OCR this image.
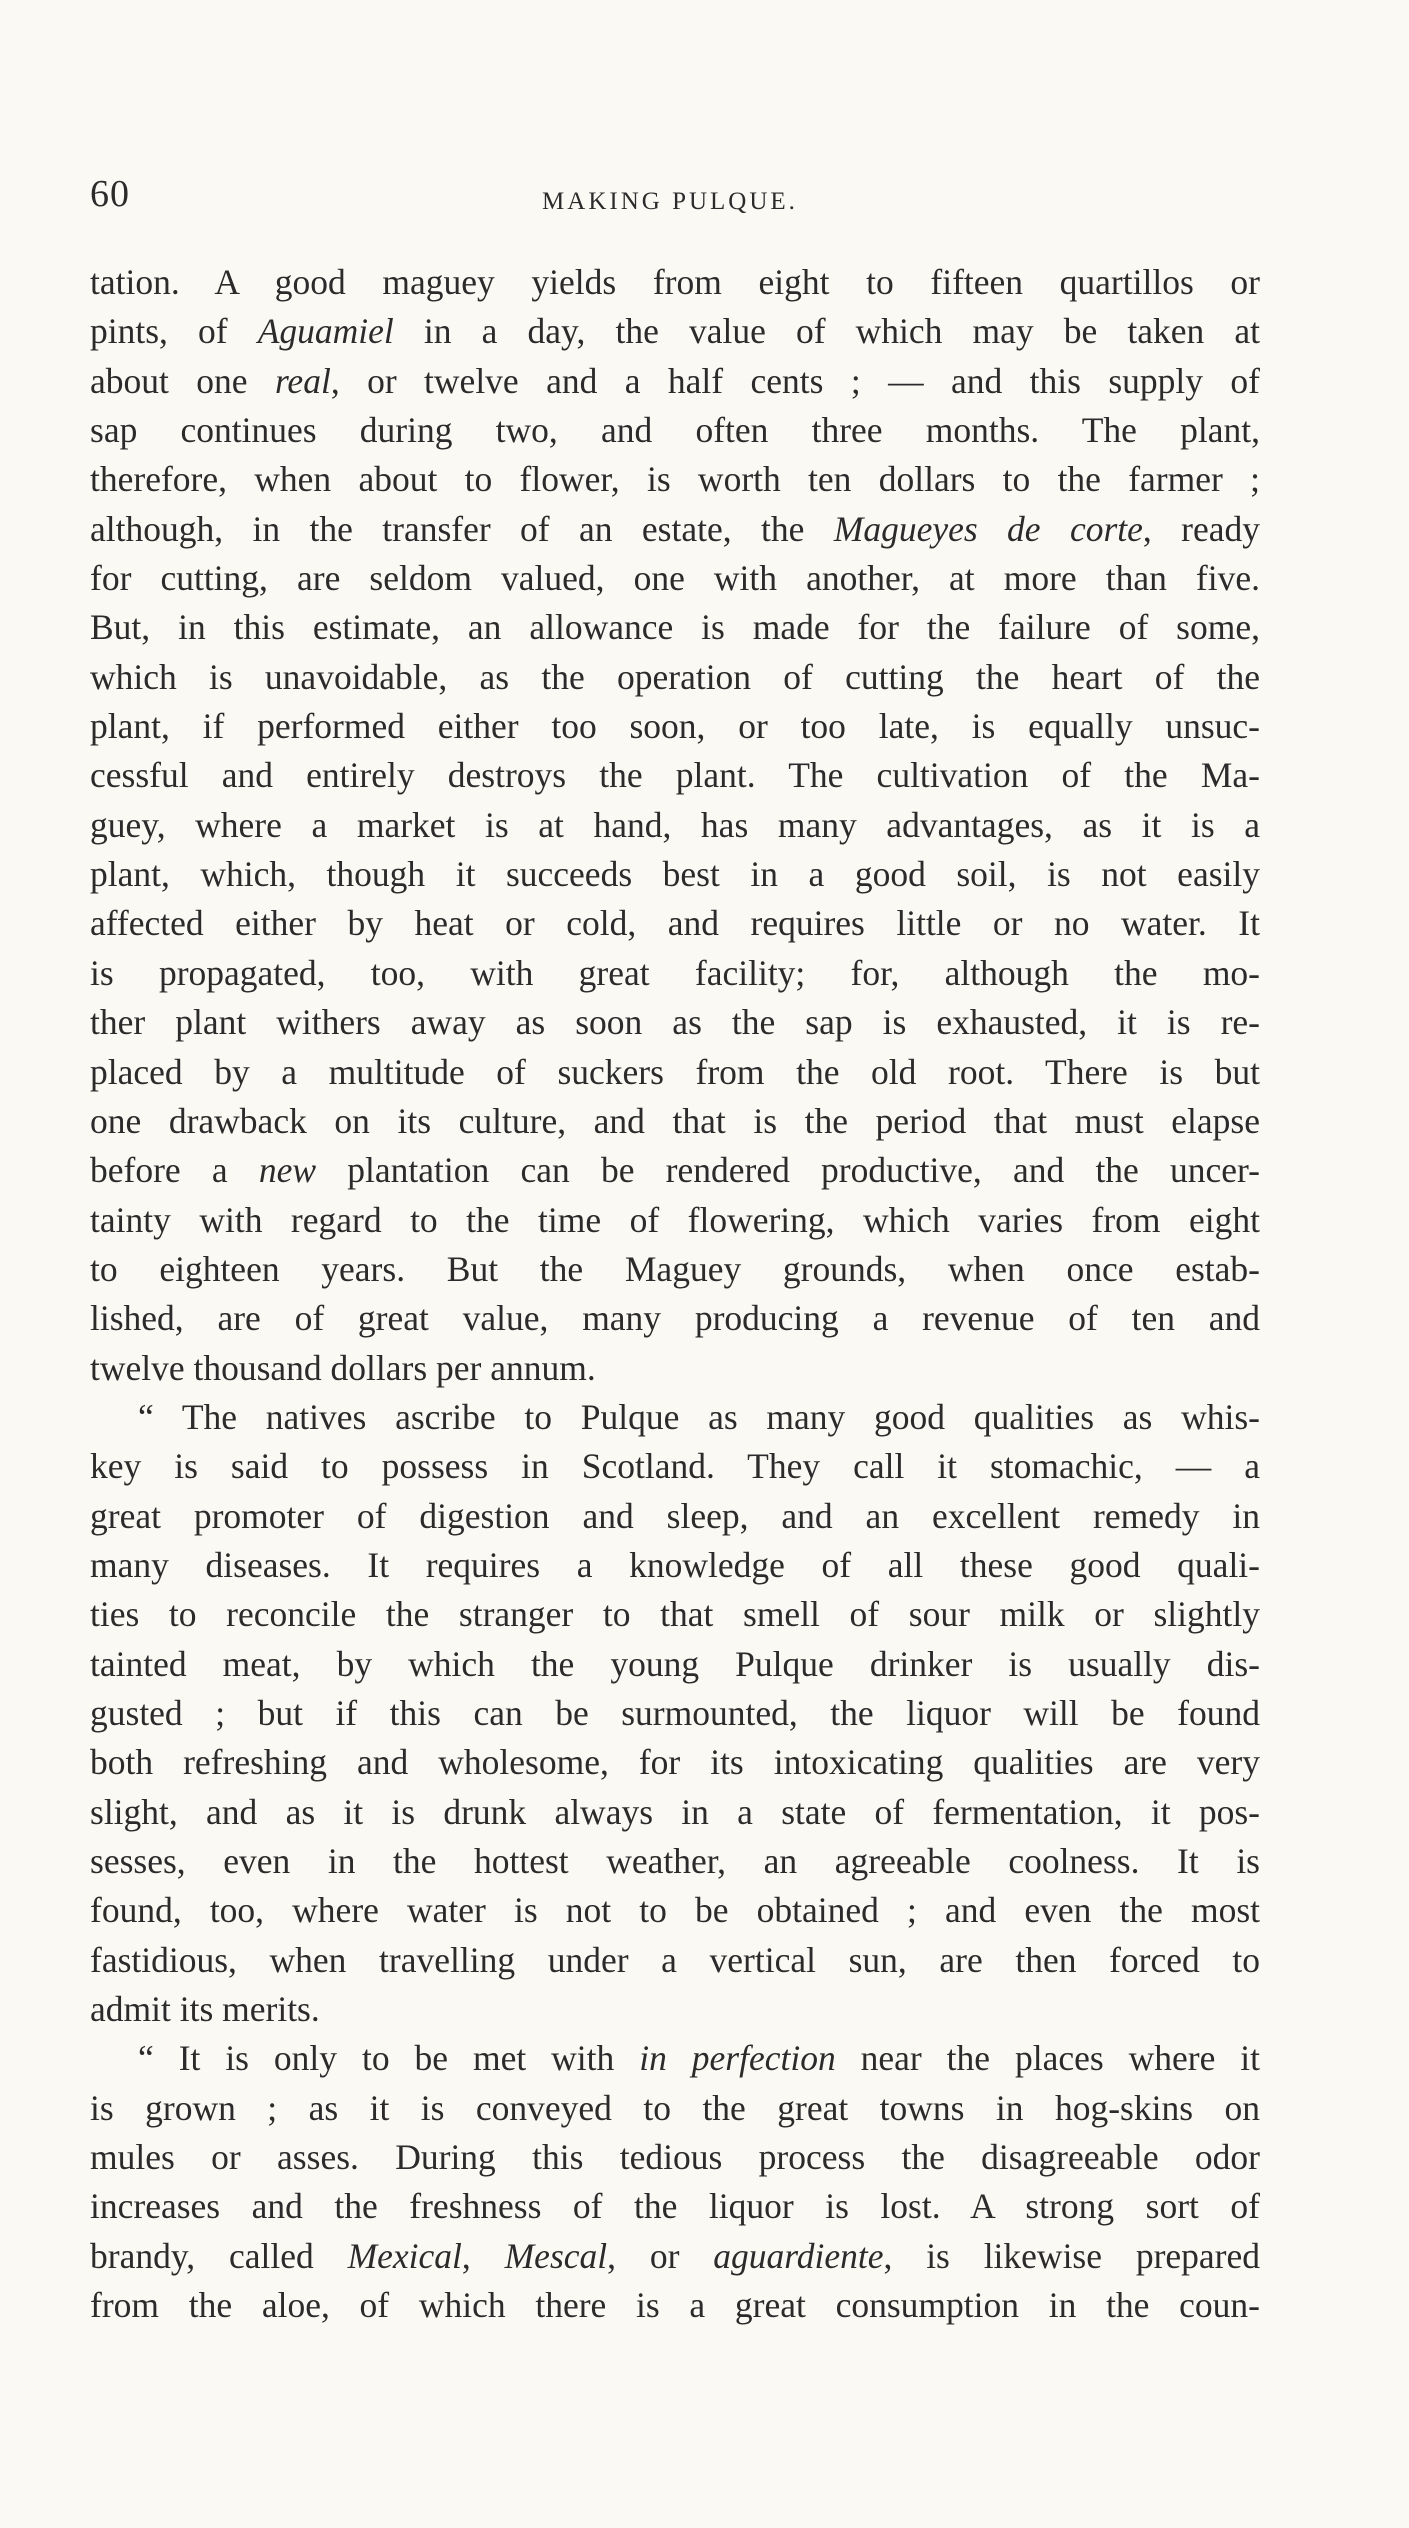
60	MAKING PULQUE.
tation. A good maguey yields from eight to fifteen quartillos or
pints, of Aguamiel in a day, the value of which may be taken at
about one real, or twelve and a half cents ; — and this supply of
sap continues during two, and often three months. The plant,
therefore, when about to flower, is worth ten dollars to the farmer ;
although, in the transfer of an estate, the Magueyes de corte, ready
for cutting, are seldom valued, one with another, at more than five.
But, in this estimate, an allowance is made for the failure of some,
which is unavoidable, as the operation of cutting the heart of the
plant, if performed either too soon, or too late, is equally unsuc-
cessful and entirely destroys the plant. The cultivation of the Ma-
guey, where a market is at hand, has many advantages, as it is a
plant, which, though it succeeds best in a good soil, is not easily
affected either by heat or cold, and requires little or no water. It
is propagated, too, with great facility; for, although the mo-
ther plant withers away as soon as the sap is exhausted, it is re-
placed by a multitude of suckers from the old root. There is but
one drawback on its culture, and that is the period that must elapse
before a new plantation can be rendered productive, and the uncer-
tainty with regard to the time of flowering, which varies from eight
to eighteen years. But the Maguey grounds, when once estab-
lished, are of great value, many producing a revenue of ten and
twelve thousand dollars per annum.
“ The natives ascribe to Pulque as many good qualities as whis-
key is said to possess in Scotland. They call it stomachic, — a
great promoter of digestion and sleep, and an excellent remedy in
many diseases. It requires a knowledge of all these good quali-
ties to reconcile the stranger to that smell of sour milk or slightly
tainted meat, by which the young Pulque drinker is usually dis-
gusted ; but if this can be surmounted, the liquor will be found
both refreshing and wholesome, for its intoxicating qualities are very
slight, and as it is drunk always in a state of fermentation, it pos-
sesses, even in the hottest weather, an agreeable coolness. It is
found, too, where water is not to be obtained ; and even the most
fastidious, when travelling under a vertical sun, are then forced to
admit its merits.
“ It is only to be met with in perfection near the places where it
is grown ; as it is conveyed to the great towns in hog-skins on
mules or asses. During this tedious process the disagreeable odor
increases and the freshness of the liquor is lost. A strong sort of
brandy, called Mexical, Mescal, or aguardiente, is likewise prepared
from the aloe, of which there is a great consumption in the coun-
